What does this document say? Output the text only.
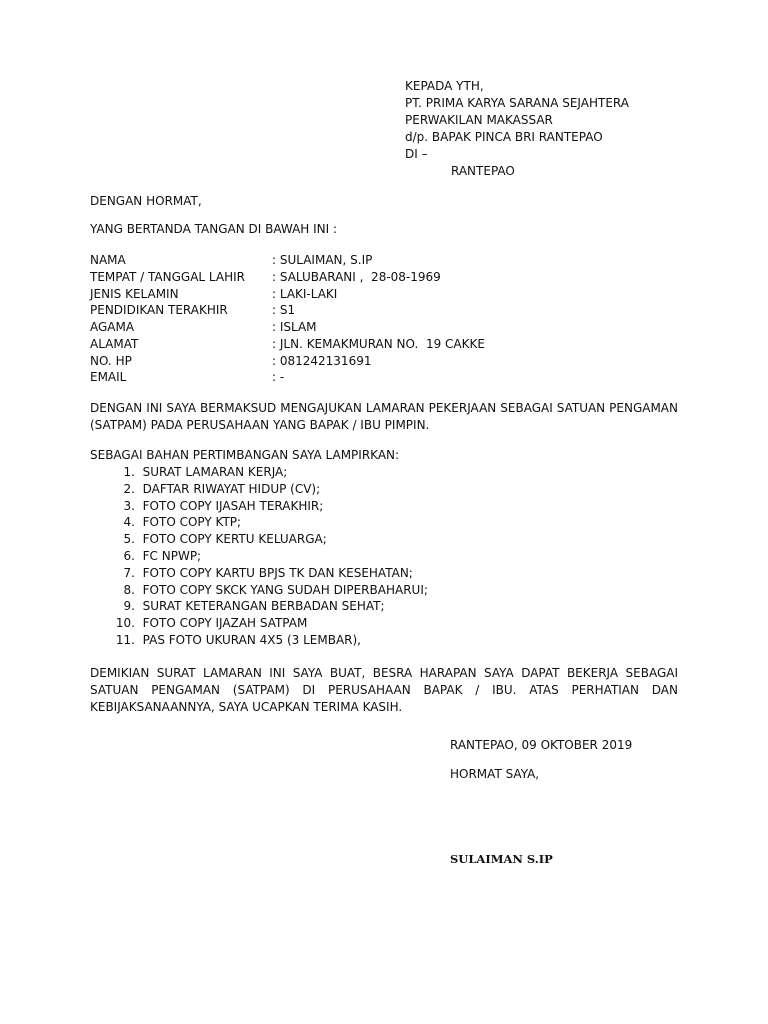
KEPADA YTH,
PT. PRIMA KARYA SARANA SEJAHTERA
PERWAKILAN MAKASSAR
d/p. BAPAK PINCA BRI RANTEPAO
DI –
RANTEPAO
DENGAN HORMAT,
YANG BERTANDA TANGAN DI BAWAH INI :
NAMA	: SULAIMAN, S.IP
TEMPAT / TANGGAL LAHIR	: SALUBARANI ,  28-08-1969
JENIS KELAMIN	: LAKI-LAKI
PENDIDIKAN TERAKHIR	: S1
AGAMA	: ISLAM
ALAMAT	: JLN. KEMAKMURAN NO.  19 CAKKE
NO. HP	: 081242131691
EMAIL	: -
DENGAN INI SAYA BERMAKSUD MENGAJUKAN LAMARAN PEKERJAAN SEBAGAI SATUAN PENGAMAN (SATPAM) PADA PERUSAHAAN YANG BAPAK / IBU PIMPIN.
SEBAGAI BAHAN PERTIMBANGAN SAYA LAMPIRKAN:
1.
SURAT LAMARAN KERJA;
2.
DAFTAR RIWAYAT HIDUP (CV);
3.
FOTO COPY IJASAH TERAKHIR;
4.
FOTO COPY KTP;
5.
FOTO COPY KERTU KELUARGA;
6.
FC NPWP;
7.
FOTO COPY KARTU BPJS TK DAN KESEHATAN;
8.
FOTO COPY SKCK YANG SUDAH DIPERBAHARUI;
9.
SURAT KETERANGAN BERBADAN SEHAT;
10.
FOTO COPY IJAZAH SATPAM
11.
PAS FOTO UKURAN 4X5 (3 LEMBAR),
DEMIKIAN SURAT LAMARAN INI SAYA BUAT, BESRA HARAPAN SAYA DAPAT BEKERJA SEBAGAI SATUAN PENGAMAN (SATPAM) DI PERUSAHAAN BAPAK / IBU. ATAS PERHATIAN DAN KEBIJAKSANAANNYA, SAYA UCAPKAN TERIMA KASIH.
RANTEPAO, 09 OKTOBER 2019
HORMAT SAYA,
SULAIMAN S.IP
